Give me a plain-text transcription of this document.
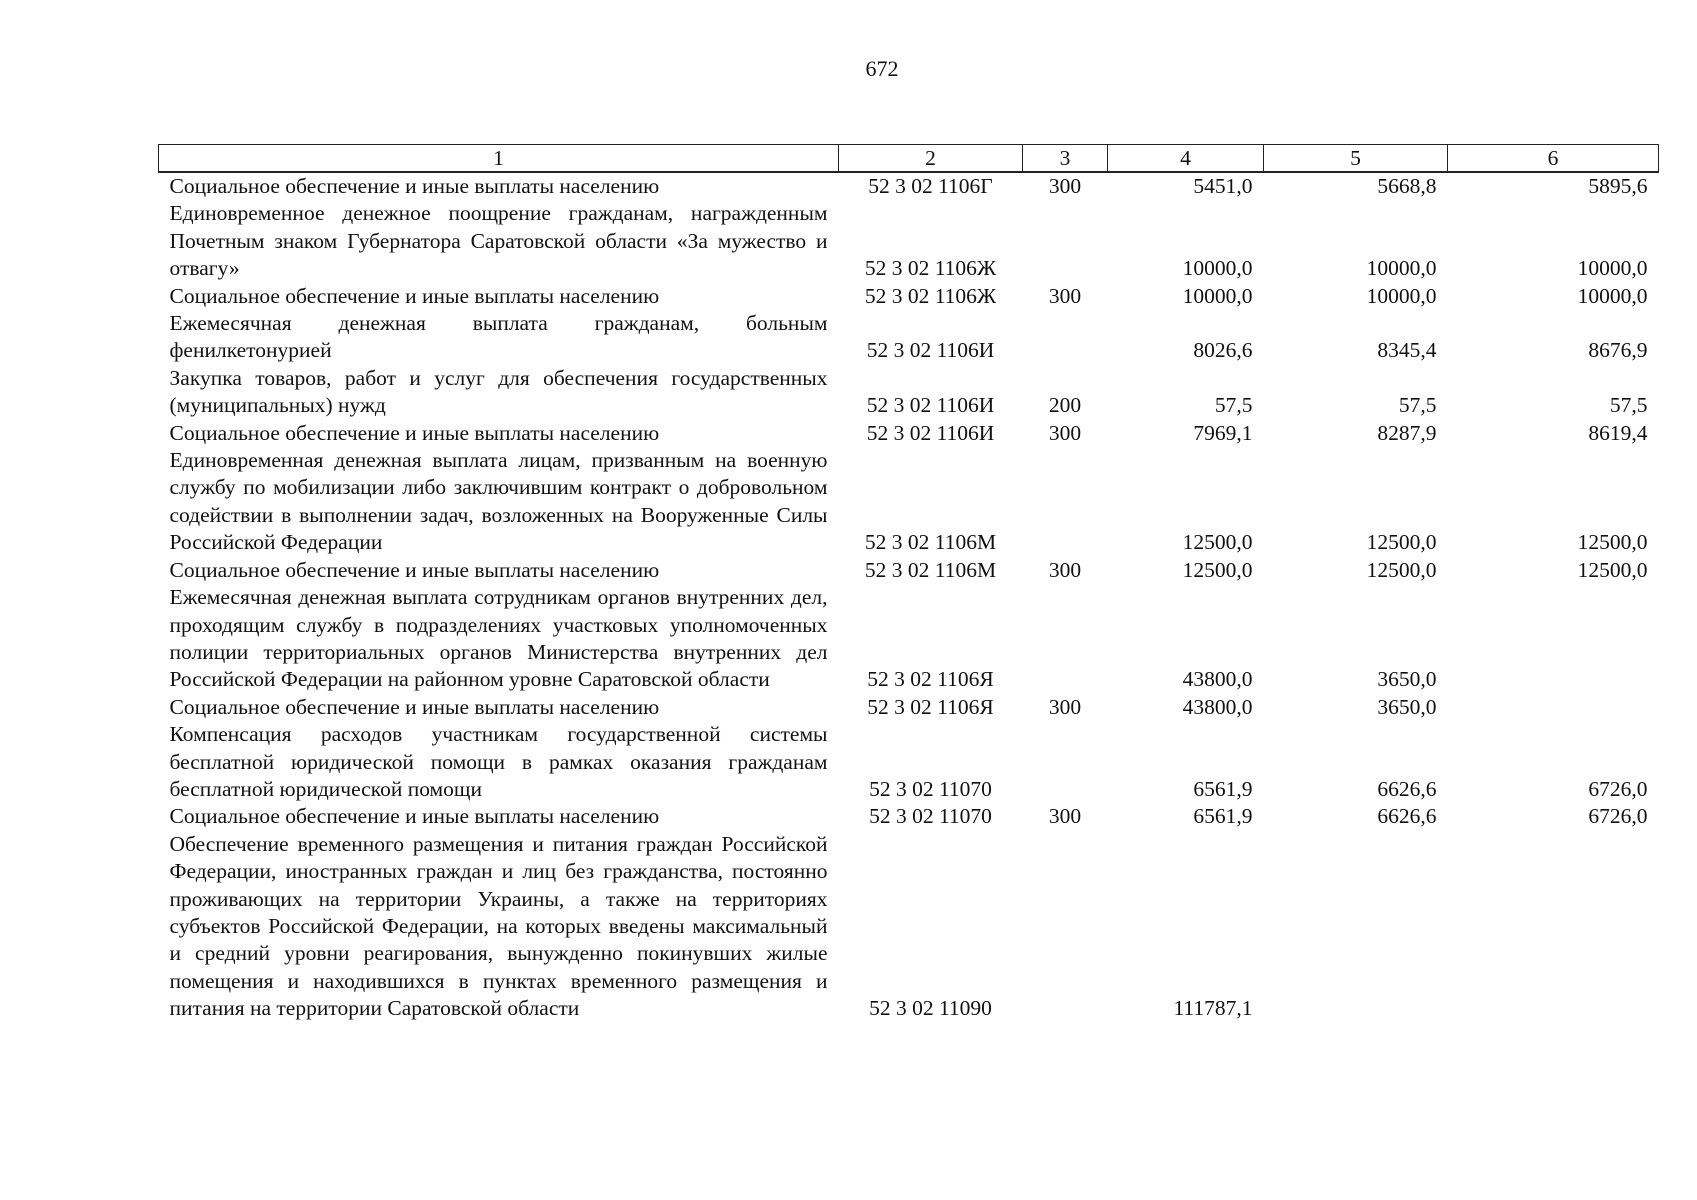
672
1	2	3	4	5	6
Социальное обеспечение и иные выплаты населению	52 3 02 1106Г	300	5451,0	5668,8	5895,6
Единовременное денежное поощрение гражданам, награжденным Почетным знаком Губернатора Саратовской области «За мужество и отвагу»	52 3 02 1106Ж		10000,0	10000,0	10000,0
Социальное обеспечение и иные выплаты населению	52 3 02 1106Ж	300	10000,0	10000,0	10000,0
Ежемесячная денежная выплата гражданам, больным фенилкетонурией	52 3 02 1106И		8026,6	8345,4	8676,9
Закупка товаров, работ и услуг для обеспечения государственных (муниципальных) нужд	52 3 02 1106И	200	57,5	57,5	57,5
Социальное обеспечение и иные выплаты населению	52 3 02 1106И	300	7969,1	8287,9	8619,4
Единовременная денежная выплата лицам, призванным на военную службу по мобилизации либо заключившим контракт о добровольном содействии в выполнении задач, возложенных на Вооруженные Силы Российской Федерации	52 3 02 1106М		12500,0	12500,0	12500,0
Социальное обеспечение и иные выплаты населению	52 3 02 1106М	300	12500,0	12500,0	12500,0
Ежемесячная денежная выплата сотрудникам органов внутренних дел, проходящим службу в подразделениях участковых уполномоченных полиции территориальных органов Министерства внутренних дел Российской Федерации на районном уровне Саратовской области	52 3 02 1106Я		43800,0	3650,0	
Социальное обеспечение и иные выплаты населению	52 3 02 1106Я	300	43800,0	3650,0	
Компенсация расходов участникам государственной системы бесплатной юридической помощи в рамках оказания гражданам бесплатной юридической помощи	52 3 02 11070		6561,9	6626,6	6726,0
Социальное обеспечение и иные выплаты населению	52 3 02 11070	300	6561,9	6626,6	6726,0
Обеспечение временного размещения и питания граждан Российской Федерации, иностранных граждан и лиц без гражданства, постоянно проживающих на территории Украины, а также на территориях субъектов Российской Федерации, на которых введены максимальный и средний уровни реагирования, вынужденно покинувших жилые помещения и находившихся в пунктах временного размещения и питания на территории Саратовской области	52 3 02 11090		111787,1		
